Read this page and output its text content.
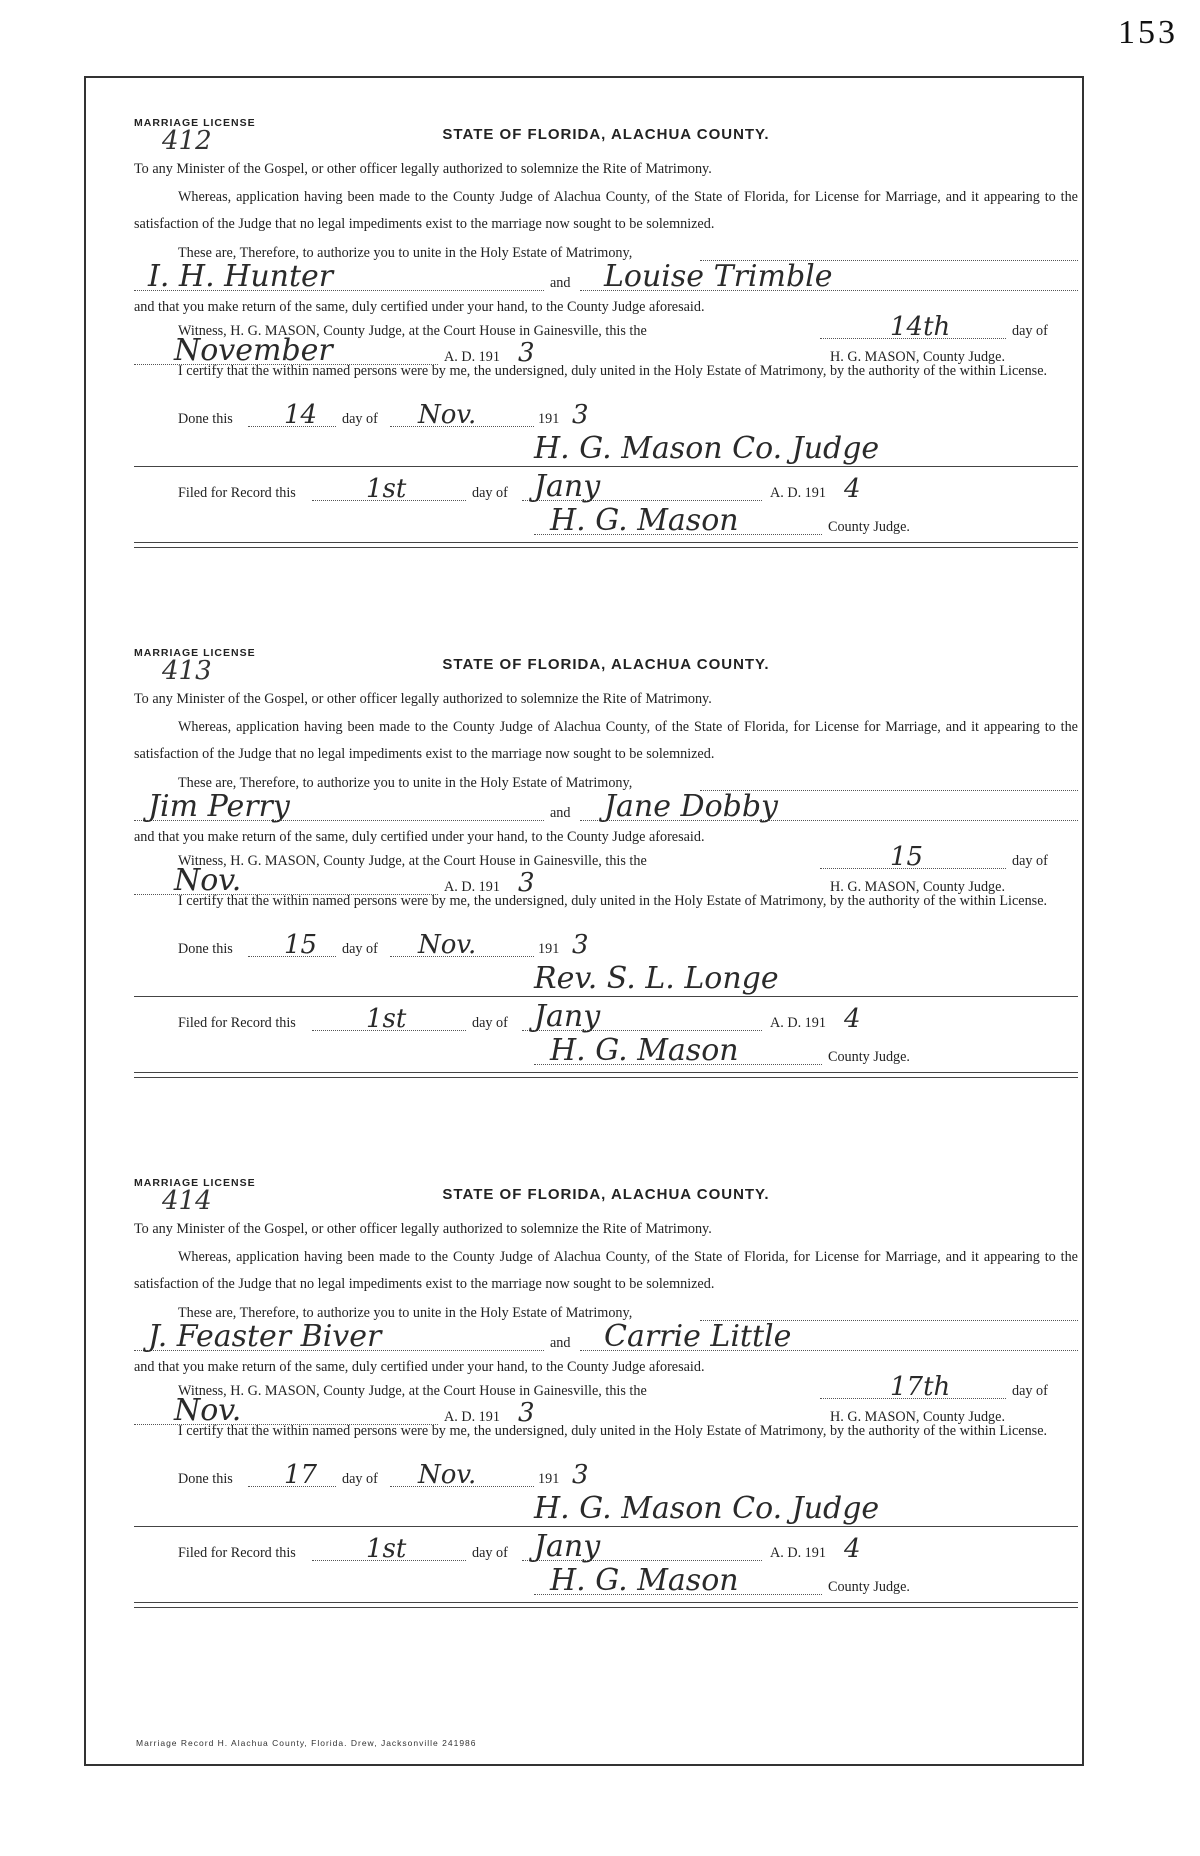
153
MARRIAGE LICENSE
412	STATE OF FLORIDA, ALACHUA COUNTY.

To any Minister of the Gospel, or other officer legally authorized to solemnize the Rite of Matrimony.

Whereas, application having been made to the County Judge of Alachua County, of the State of Florida, for License for Marriage, and it appearing to the satisfaction of the Judge that no legal impediments exist to the marriage now sought to be solemnized.

These are, Therefore, to authorize you to unite in the Holy Estate of Matrimony,
I. H. Hunter	and Louise Trimble
and that you make return of the same, duly certified under your hand, to the County Judge aforesaid.
Witness, H. G. MASON, County Judge, at the Court House in Gainesville, this the	14th	day of
November	A. D. 191 3	H. G. MASON, County Judge.

I certify that the within named persons were by me, the undersigned, duly united in the Holy Estate of Matrimony, by the authority of the within License.

Done this 14 day of Nov.	191 3
H. G. Mason Co. Judge
Filed for Record this	1st	day of Jany	A. D. 191 4
H. G. Mason	County Judge.
MARRIAGE LICENSE
413	STATE OF FLORIDA, ALACHUA COUNTY.

To any Minister of the Gospel, or other officer legally authorized to solemnize the Rite of Matrimony.

Whereas, application having been made to the County Judge of Alachua County, of the State of Florida, for License for Marriage, and it appearing to the satisfaction of the Judge that no legal impediments exist to the marriage now sought to be solemnized.

These are, Therefore, to authorize you to unite in the Holy Estate of Matrimony,
Jim Perry	and Jane Dobby
and that you make return of the same, duly certified under your hand, to the County Judge aforesaid.
Witness, H. G. MASON, County Judge, at the Court House in Gainesville, this the	15	day of
Nov.	A. D. 191 3	H. G. MASON, County Judge.

I certify that the within named persons were by me, the undersigned, duly united in the Holy Estate of Matrimony, by the authority of the within License.

Done this 15 day of Nov.	191 3
Rev. S. L. Longe
Filed for Record this	1st	day of Jany	A. D. 191 4
H. G. Mason	County Judge.
MARRIAGE LICENSE
414	STATE OF FLORIDA, ALACHUA COUNTY.

To any Minister of the Gospel, or other officer legally authorized to solemnize the Rite of Matrimony.

Whereas, application having been made to the County Judge of Alachua County, of the State of Florida, for License for Marriage, and it appearing to the satisfaction of the Judge that no legal impediments exist to the marriage now sought to be solemnized.

These are, Therefore, to authorize you to unite in the Holy Estate of Matrimony,
J. Feaster Biver	and Carrie Little
and that you make return of the same, duly certified under your hand, to the County Judge aforesaid.
Witness, H. G. MASON, County Judge, at the Court House in Gainesville, this the	17th	day of
Nov.	A. D. 191 3	H. G. MASON, County Judge.

I certify that the within named persons were by me, the undersigned, duly united in the Holy Estate of Matrimony, by the authority of the within License.

Done this 17 day of Nov.	191 3
H. G. Mason Co. Judge
Filed for Record this	1st	day of Jany	A. D. 191 4
H. G. Mason	County Judge.
Marriage Record H. Alachua County, Florida. Drew, Jacksonville 241986
